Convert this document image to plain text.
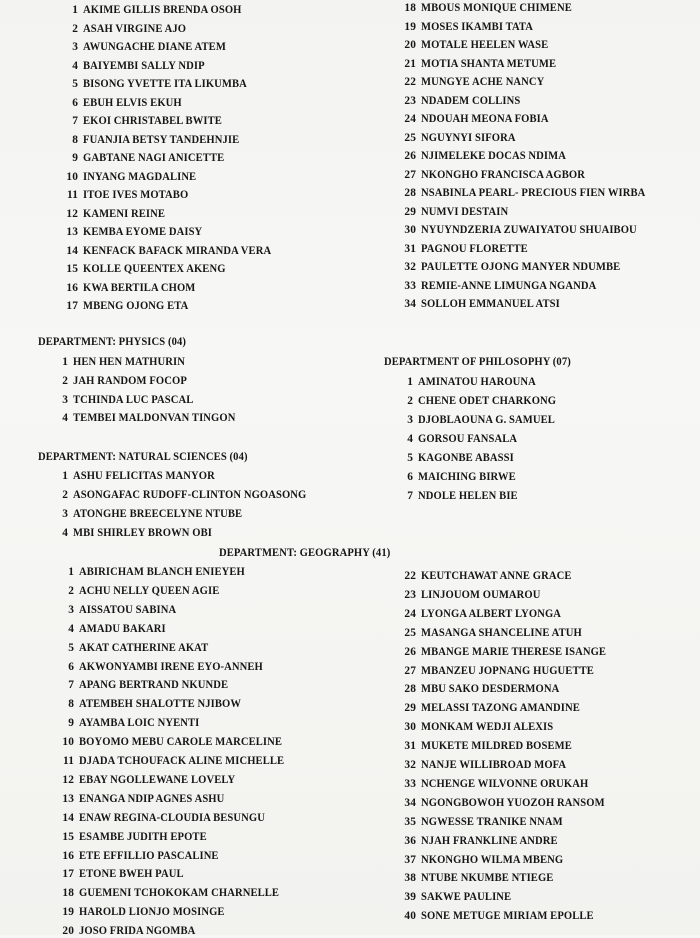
1 AKIME GILLIS BRENDA OSOH
2 ASAH VIRGINE AJO
3 AWUNGACHE DIANE ATEM
4 BAIYEMBI SALLY NDIP
5 BISONG YVETTE ITA LIKUMBA
6 EBUH ELVIS EKUH
7 EKOI CHRISTABEL BWITE
8 FUANJIA BETSY TANDEHNJIE
9 GABTANE NAGI ANICETTE
10 INYANG MAGDALINE
11 ITOE IVES MOTABO
12 KAMENI REINE
13 KEMBA EYOME DAISY
14 KENFACK BAFACK MIRANDA VERA
15 KOLLE QUEENTEX AKENG
16 KWA BERTILA CHOM
17 MBENG OJONG ETA
18 MBOUS MONIQUE CHIMENE
19 MOSES IKAMBI TATA
20 MOTALE HEELEN WASE
21 MOTIA SHANTA METUME
22 MUNGYE ACHE NANCY
23 NDADEM COLLINS
24 NDOUAH MEONA FOBIA
25 NGUYNYI SIFORA
26 NJIMELEKE DOCAS NDIMA
27 NKONGHO FRANCISCA AGBOR
28 NSABINLA PEARL- PRECIOUS FIEN WIRBA
29 NUMVI DESTAIN
30 NYUYNDZERIA ZUWAIYATOU SHUAIBOU
31 PAGNOU FLORETTE
32 PAULETTE OJONG MANYER NDUMBE
33 REMIE-ANNE LIMUNGA NGANDA
34 SOLLOH EMMANUEL ATSI
DEPARTMENT: PHYSICS (04)
1 HEN HEN MATHURIN
2 JAH RANDOM FOCOP
3 TCHINDA LUC PASCAL
4 TEMBEI MALDONVAN TINGON
DEPARTMENT OF PHILOSOPHY (07)
1 AMINATOU HAROUNA
2 CHENE ODET CHARKONG
3 DJOBLAOUNA G. SAMUEL
4 GORSOU FANSALA
5 KAGONBE ABASSI
6 MAICHING BIRWE
7 NDOLE HELEN BIE
DEPARTMENT: NATURAL SCIENCES (04)
1 ASHU FELICITAS MANYOR
2 ASONGAFAC RUDOFF-CLINTON NGOASONG
3 ATONGHE BREECELYNE NTUBE
4 MBI SHIRLEY BROWN OBI
DEPARTMENT: GEOGRAPHY (41)
1 ABIRICHAM BLANCH ENIEYEH
2 ACHU NELLY QUEEN AGIE
3 AISSATOU SABINA
4 AMADU BAKARI
5 AKAT CATHERINE AKAT
6 AKWONYAMBI IRENE EYO-ANNEH
7 APANG BERTRAND NKUNDE
8 ATEMBEH SHALOTTE NJIBOW
9 AYAMBA LOIC NYENTI
10 BOYOMO MEBU CAROLE MARCELINE
11 DJADA TCHOUFACK ALINE MICHELLE
12 EBAY NGOLLEWANE LOVELY
13 ENANGA NDIP AGNES ASHU
14 ENAW REGINA-CLOUDIA BESUNGU
15 ESAMBE JUDITH EPOTE
16 ETE EFFILLIO PASCALINE
17 ETONE BWEH PAUL
18 GUEMENI TCHOKOKAM CHARNELLE
19 HAROLD LIONJO MOSINGE
20 JOSO FRIDA NGOMBA
22 KEUTCHAWAT ANNE GRACE
23 LINJOUOM OUMAROU
24 LYONGA ALBERT LYONGA
25 MASANGA SHANCELINE ATUH
26 MBANGE MARIE THERESE ISANGE
27 MBANZEU JOPNANG HUGUETTE
28 MBU SAKO DESDERMONA
29 MELASSI TAZONG AMANDINE
30 MONKAM WEDJI ALEXIS
31 MUKETE MILDRED BOSEME
32 NANJE WILLIBROAD MOFA
33 NCHENGE WILVONNE ORUKAH
34 NGONGBOWOH YUOZOH RANSOM
35 NGWESSE TRANIKE NNAM
36 NJAH FRANKLINE ANDRE
37 NKONGHO WILMA MBENG
38 NTUBE NKUMBE NTIEGE
39 SAKWE PAULINE
40 SONE METUGE MIRIAM EPOLLE
